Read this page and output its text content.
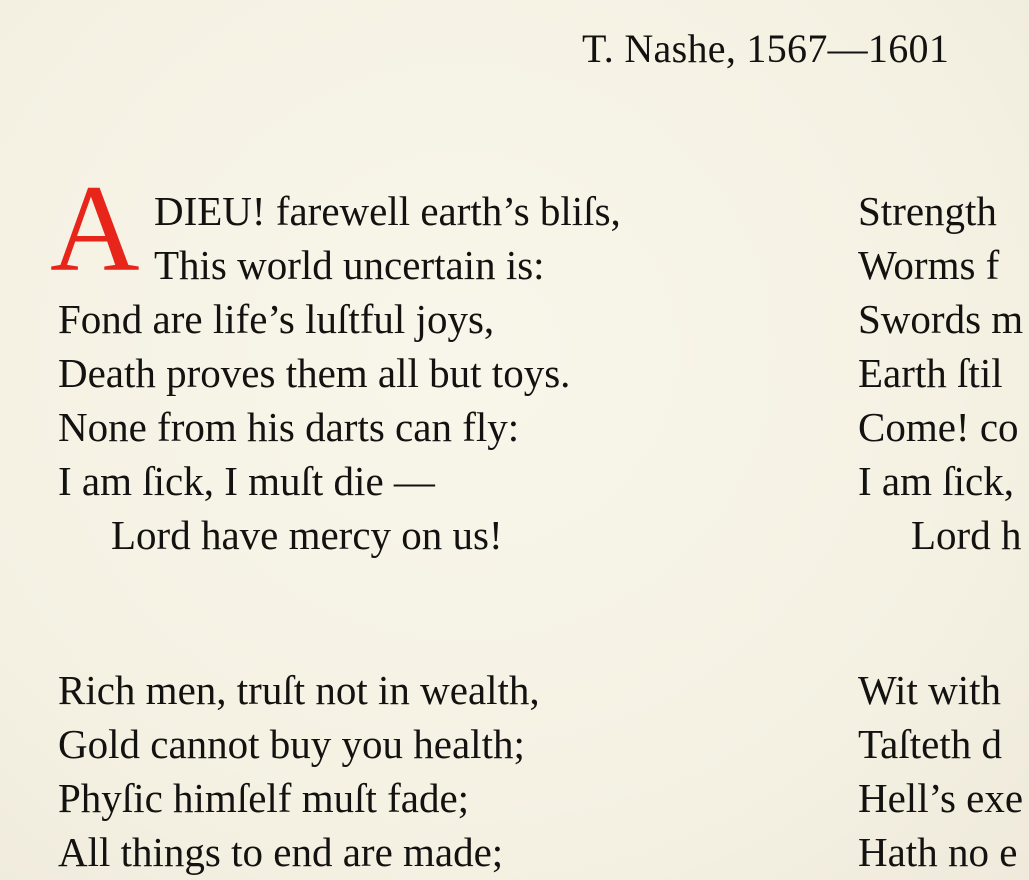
T. Nashe, 1567—1601
A DIEU! farewell earth’s bliſs,
This world uncertain is:
Fond are life’s luſtful joys,
Death proves them all but toys.
None from his darts can fly:
I am ſick, I muſt die —
Lord have mercy on us!
Rich men, truſt not in wealth,
Gold cannot buy you health;
Phyſic himſelf muſt fade;
All things to end are made;
Strength
Worms f
Swords m
Earth ſtil
Come! co
I am ſick,
Lord h
Wit with
Taſteth d
Hell’s exe
Hath no e
